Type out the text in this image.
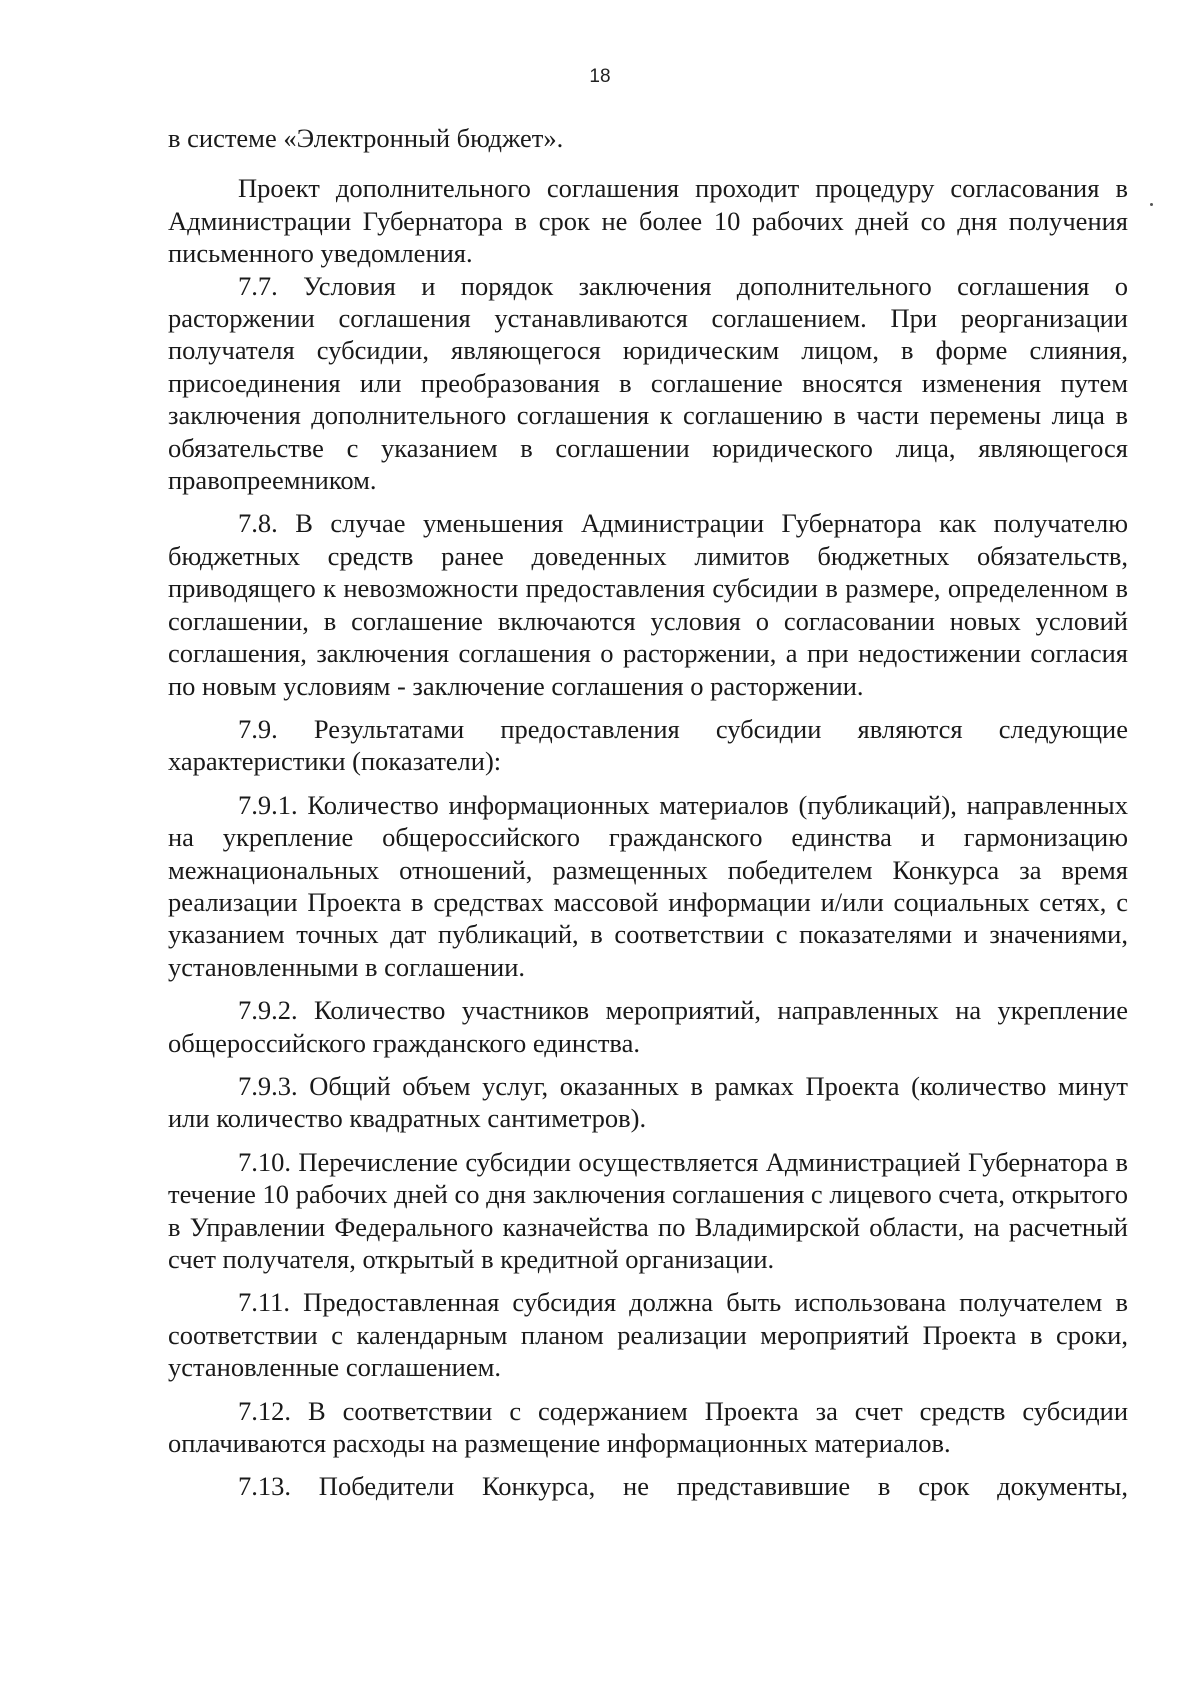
18

в системе «Электронный бюджет».

Проект дополнительного соглашения проходит процедуру согласования в Администрации Губернатора в срок не более 10 рабочих дней со дня получения письменного уведомления.

7.7. Условия и порядок заключения дополнительного соглашения о расторжении соглашения устанавливаются соглашением. При реорганизации получателя субсидии, являющегося юридическим лицом, в форме слияния, присоединения или преобразования в соглашение вносятся изменения путем заключения дополнительного соглашения к соглашению в части перемены лица в обязательстве с указанием в соглашении юридического лица, являющегося правопреемником.

7.8. В случае уменьшения Администрации Губернатора как получателю бюджетных средств ранее доведенных лимитов бюджетных обязательств, приводящего к невозможности предоставления субсидии в размере, определенном в соглашении, в соглашение включаются условия о согласовании новых условий соглашения, заключения соглашения о расторжении, а при недостижении согласия по новым условиям - заключение соглашения о расторжении.

7.9. Результатами предоставления субсидии являются следующие характеристики (показатели):

7.9.1. Количество информационных материалов (публикаций), направленных на укрепление общероссийского гражданского единства и гармонизацию межнациональных отношений, размещенных победителем Конкурса за время реализации Проекта в средствах массовой информации и/или социальных сетях, с указанием точных дат публикаций, в соответствии с показателями и значениями, установленными в соглашении.

7.9.2. Количество участников мероприятий, направленных на укрепление общероссийского гражданского единства.

7.9.3. Общий объем услуг, оказанных в рамках Проекта (количество минут или количество квадратных сантиметров).

7.10. Перечисление субсидии осуществляется Администрацией Губернатора в течение 10 рабочих дней со дня заключения соглашения с лицевого счета, открытого в Управлении Федерального казначейства по Владимирской области, на расчетный счет получателя, открытый в кредитной организации.

7.11. Предоставленная субсидия должна быть использована получателем в соответствии с календарным планом реализации мероприятий Проекта в сроки, установленные соглашением.

7.12. В соответствии с содержанием Проекта за счет средств субсидии оплачиваются расходы на размещение информационных материалов.

7.13. Победители Конкурса, не представившие в срок документы,
